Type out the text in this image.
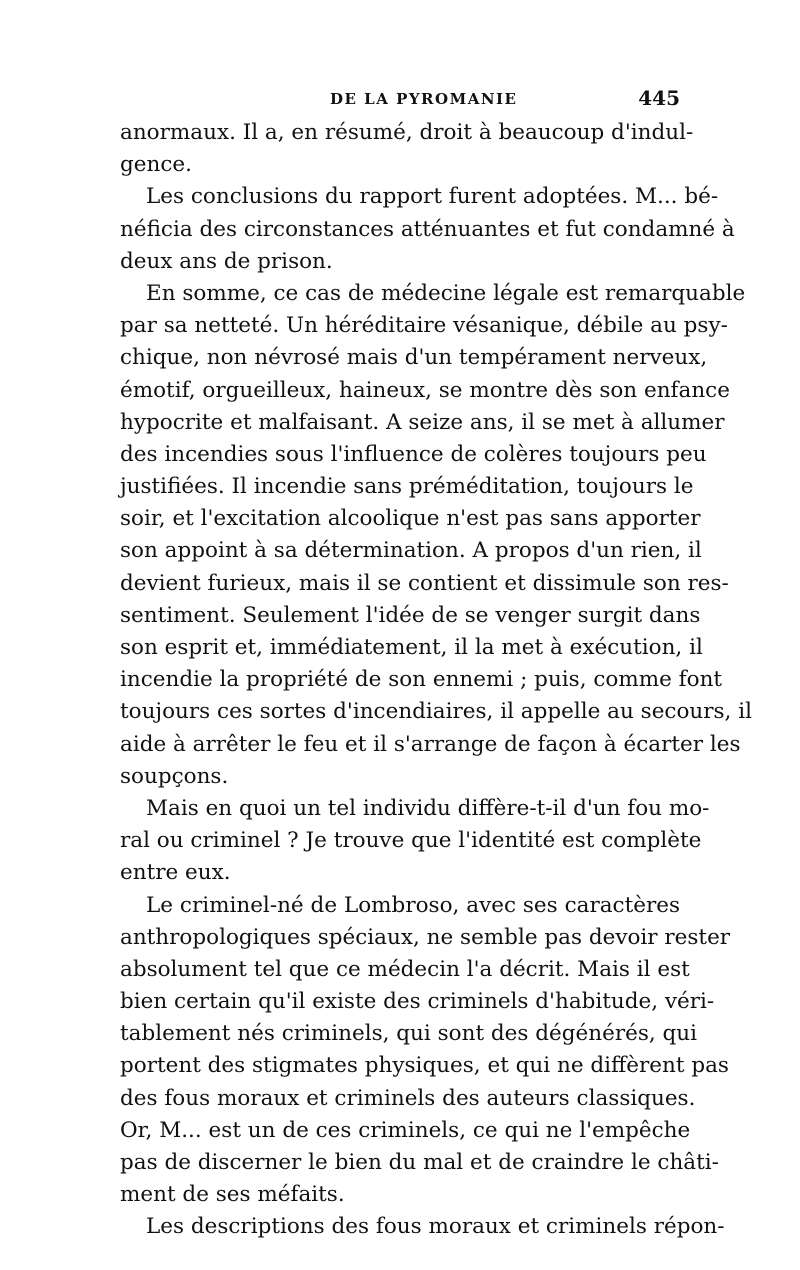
DE LA PYROMANIE	445
anormaux. Il a, en résumé, droit à beaucoup d'indul-
gence.
Les conclusions du rapport furent adoptées. M... bé-
néficia des circonstances atténuantes et fut condamné à
deux ans de prison.
En somme, ce cas de médecine légale est remarquable
par sa netteté. Un héréditaire vésanique, débile au psy-
chique, non névrosé mais d'un tempérament nerveux,
émotif, orgueilleux, haineux, se montre dès son enfance
hypocrite et malfaisant. A seize ans, il se met à allumer
des incendies sous l'influence de colères toujours peu
justifiées. Il incendie sans préméditation, toujours le
soir, et l'excitation alcoolique n'est pas sans apporter
son appoint à sa détermination. A propos d'un rien, il
devient furieux, mais il se contient et dissimule son res-
sentiment. Seulement l'idée de se venger surgit dans
son esprit et, immédiatement, il la met à exécution, il
incendie la propriété de son ennemi ; puis, comme font
toujours ces sortes d'incendiaires, il appelle au secours, il
aide à arrêter le feu et il s'arrange de façon à écarter les
soupçons.
Mais en quoi un tel individu diffère-t-il d'un fou mo-
ral ou criminel ? Je trouve que l'identité est complète
entre eux.
Le criminel-né de Lombroso, avec ses caractères
anthropologiques spéciaux, ne semble pas devoir rester
absolument tel que ce médecin l'a décrit. Mais il est
bien certain qu'il existe des criminels d'habitude, véri-
tablement nés criminels, qui sont des dégénérés, qui
portent des stigmates physiques, et qui ne diffèrent pas
des fous moraux et criminels des auteurs classiques.
Or, M... est un de ces criminels, ce qui ne l'empêche
pas de discerner le bien du mal et de craindre le châti-
ment de ses méfaits.
Les descriptions des fous moraux et criminels répon-
